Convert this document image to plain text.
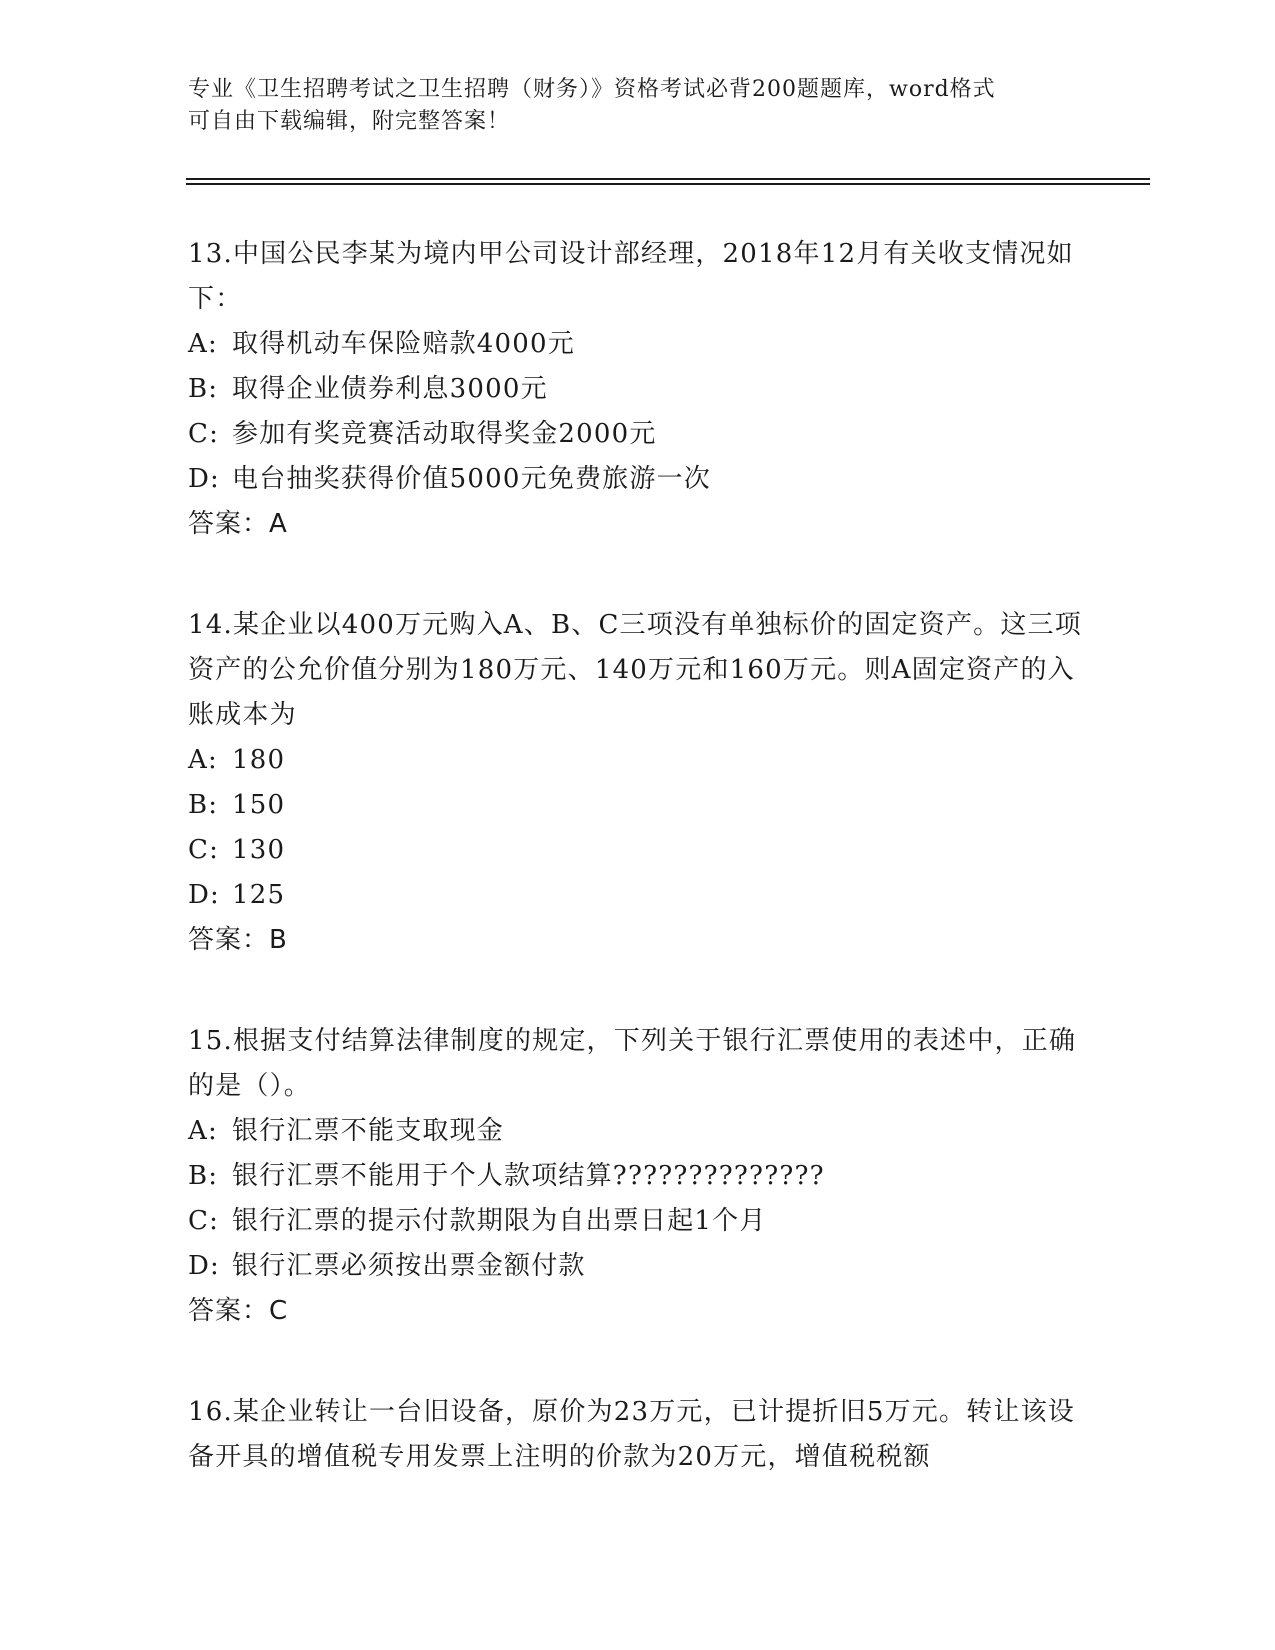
专业《卫生招聘考试之卫生招聘（财务）》资格考试必背200题题库，word格式
可自由下载编辑，附完整答案！

13.中国公民李某为境内甲公司设计部经理，2018年12月有关收支情况如下：

A: 取得机动车保险赔款4000元

B: 取得企业债券利息3000元

C: 参加有奖竞赛活动取得奖金2000元

D: 电台抽奖获得价值5000元免费旅游一次

答案：A

14.某企业以400万元购入A、B、C三项没有单独标价的固定资产。这三项资产的公允价值分别为180万元、140万元和160万元。则A固定资产的入账成本为

A: 180

B: 150

C: 130

D: 125

答案：B

15.根据支付结算法律制度的规定，下列关于银行汇票使用的表述中，正确的是（）。

A: 银行汇票不能支取现金

B: 银行汇票不能用于个人款项结算??????????????

C: 银行汇票的提示付款期限为自出票日起1个月

D: 银行汇票必须按出票金额付款

答案：C

16.某企业转让一台旧设备，原价为23万元，已计提折旧5万元。转让该设备开具的增值税专用发票上注明的价款为20万元，增值税税额
